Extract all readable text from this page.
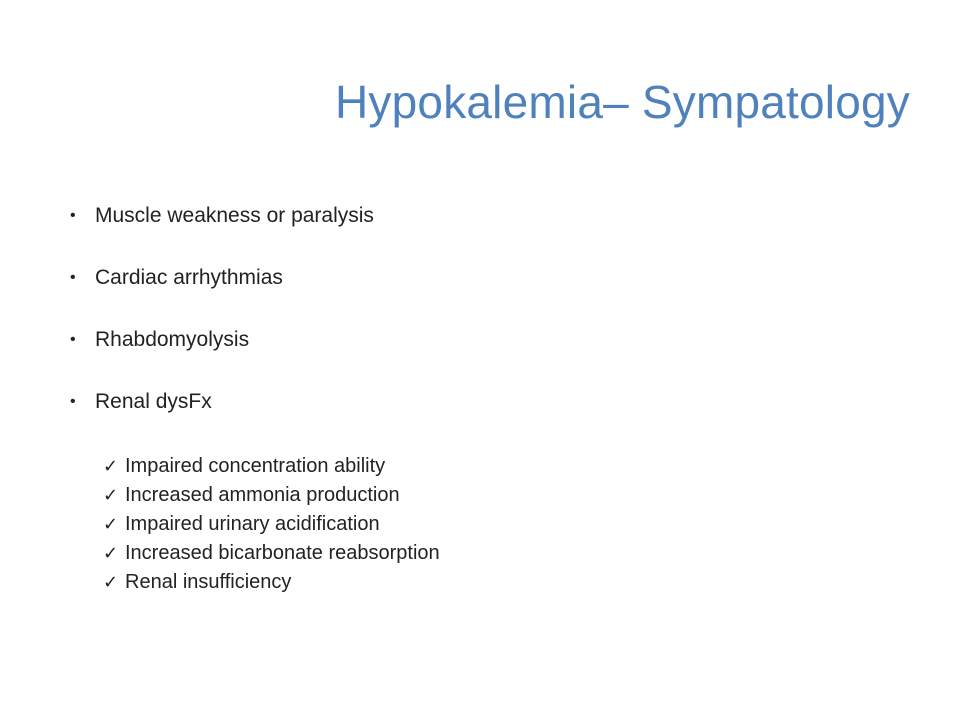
Hypokalemia– Sympatology
• Muscle weakness or paralysis
• Cardiac arrhythmias
• Rhabdomyolysis
• Renal dysFx
✓ Impaired concentration ability
✓ Increased ammonia production
✓ Impaired urinary acidification
✓ Increased bicarbonate reabsorption
✓ Renal insufficiency
